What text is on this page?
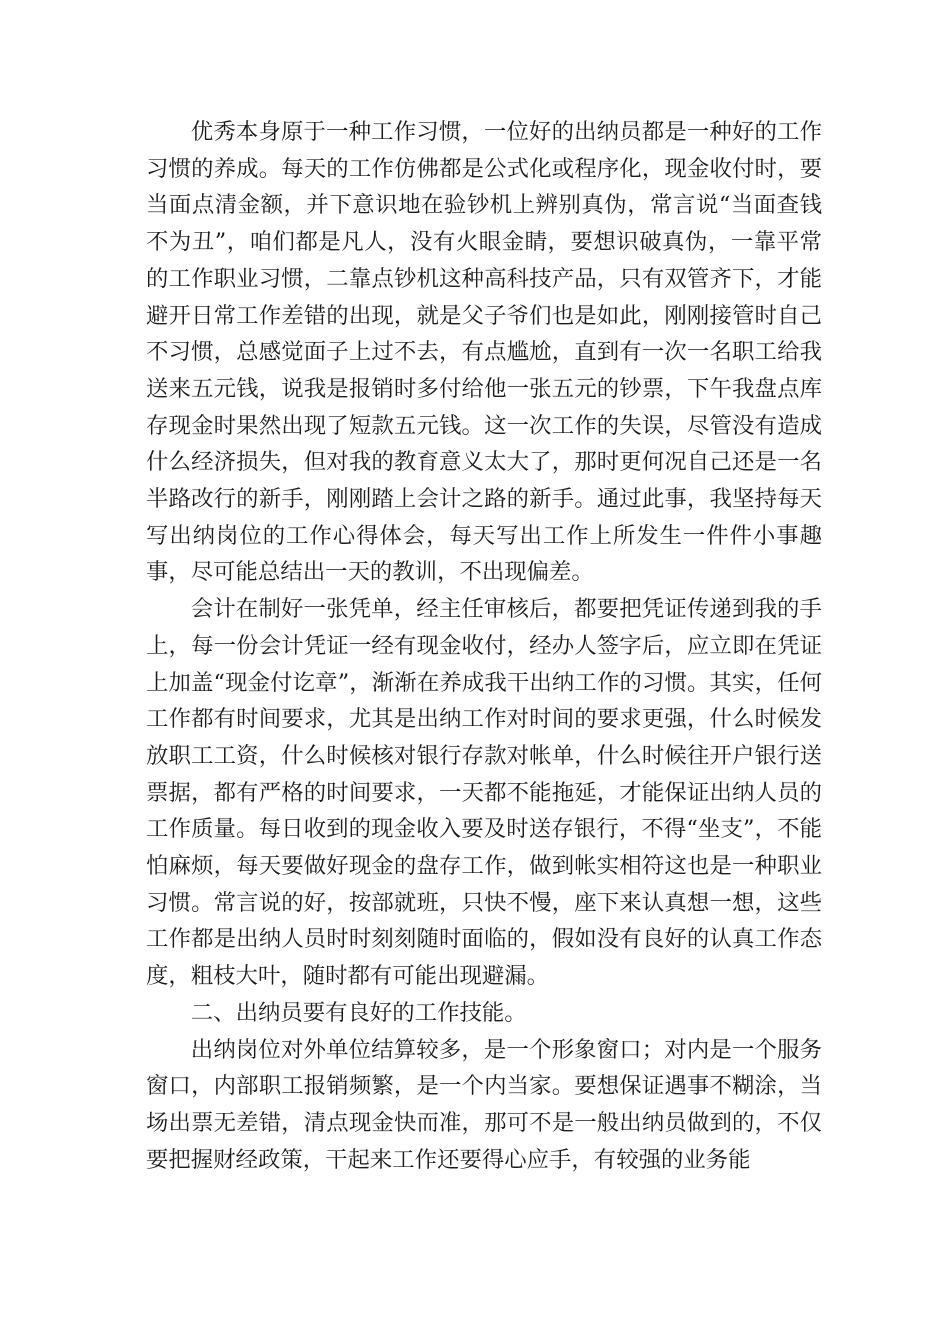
优秀本身原于一种工作习惯，一位好的出纳员都是一种好的工作习惯的养成。每天的工作仿佛都是公式化或程序化，现金收付时，要当面点清金额，并下意识地在验钞机上辨别真伪，常言说“当面查钱不为丑”，咱们都是凡人，没有火眼金睛，要想识破真伪，一靠平常的工作职业习惯，二靠点钞机这种高科技产品，只有双管齐下，才能避开日常工作差错的出现，就是父子爷们也是如此，刚刚接管时自己不习惯，总感觉面子上过不去，有点尴尬，直到有一次一名职工给我送来五元钱，说我是报销时多付给他一张五元的钞票，下午我盘点库存现金时果然出现了短款五元钱。这一次工作的失误，尽管没有造成什么经济损失，但对我的教育意义太大了，那时更何况自己还是一名半路改行的新手，刚刚踏上会计之路的新手。通过此事，我坚持每天写出纳岗位的工作心得体会，每天写出工作上所发生一件件小事趣事，尽可能总结出一天的教训，不出现偏差。

会计在制好一张凭单，经主任审核后，都要把凭证传递到我的手上，每一份会计凭证一经有现金收付，经办人签字后，应立即在凭证上加盖“现金付讫章”，渐渐在养成我干出纳工作的习惯。其实，任何工作都有时间要求，尤其是出纳工作对时间的要求更强，什么时候发放职工工资，什么时候核对银行存款对帐单，什么时候往开户银行送票据，都有严格的时间要求，一天都不能拖延，才能保证出纳人员的工作质量。每日收到的现金收入要及时送存银行，不得“坐支”，不能怕麻烦，每天要做好现金的盘存工作，做到帐实相符这也是一种职业习惯。常言说的好，按部就班，只快不慢，座下来认真想一想，这些工作都是出纳人员时时刻刻随时面临的，假如没有良好的认真工作态度，粗枝大叶，随时都有可能出现避漏。

二、出纳员要有良好的工作技能。

出纳岗位对外单位结算较多，是一个形象窗口；对内是一个服务窗口，内部职工报销频繁，是一个内当家。要想保证遇事不糊涂，当场出票无差错，清点现金快而准，那可不是一般出纳员做到的，不仅要把握财经政策，干起来工作还要得心应手，有较强的业务能
